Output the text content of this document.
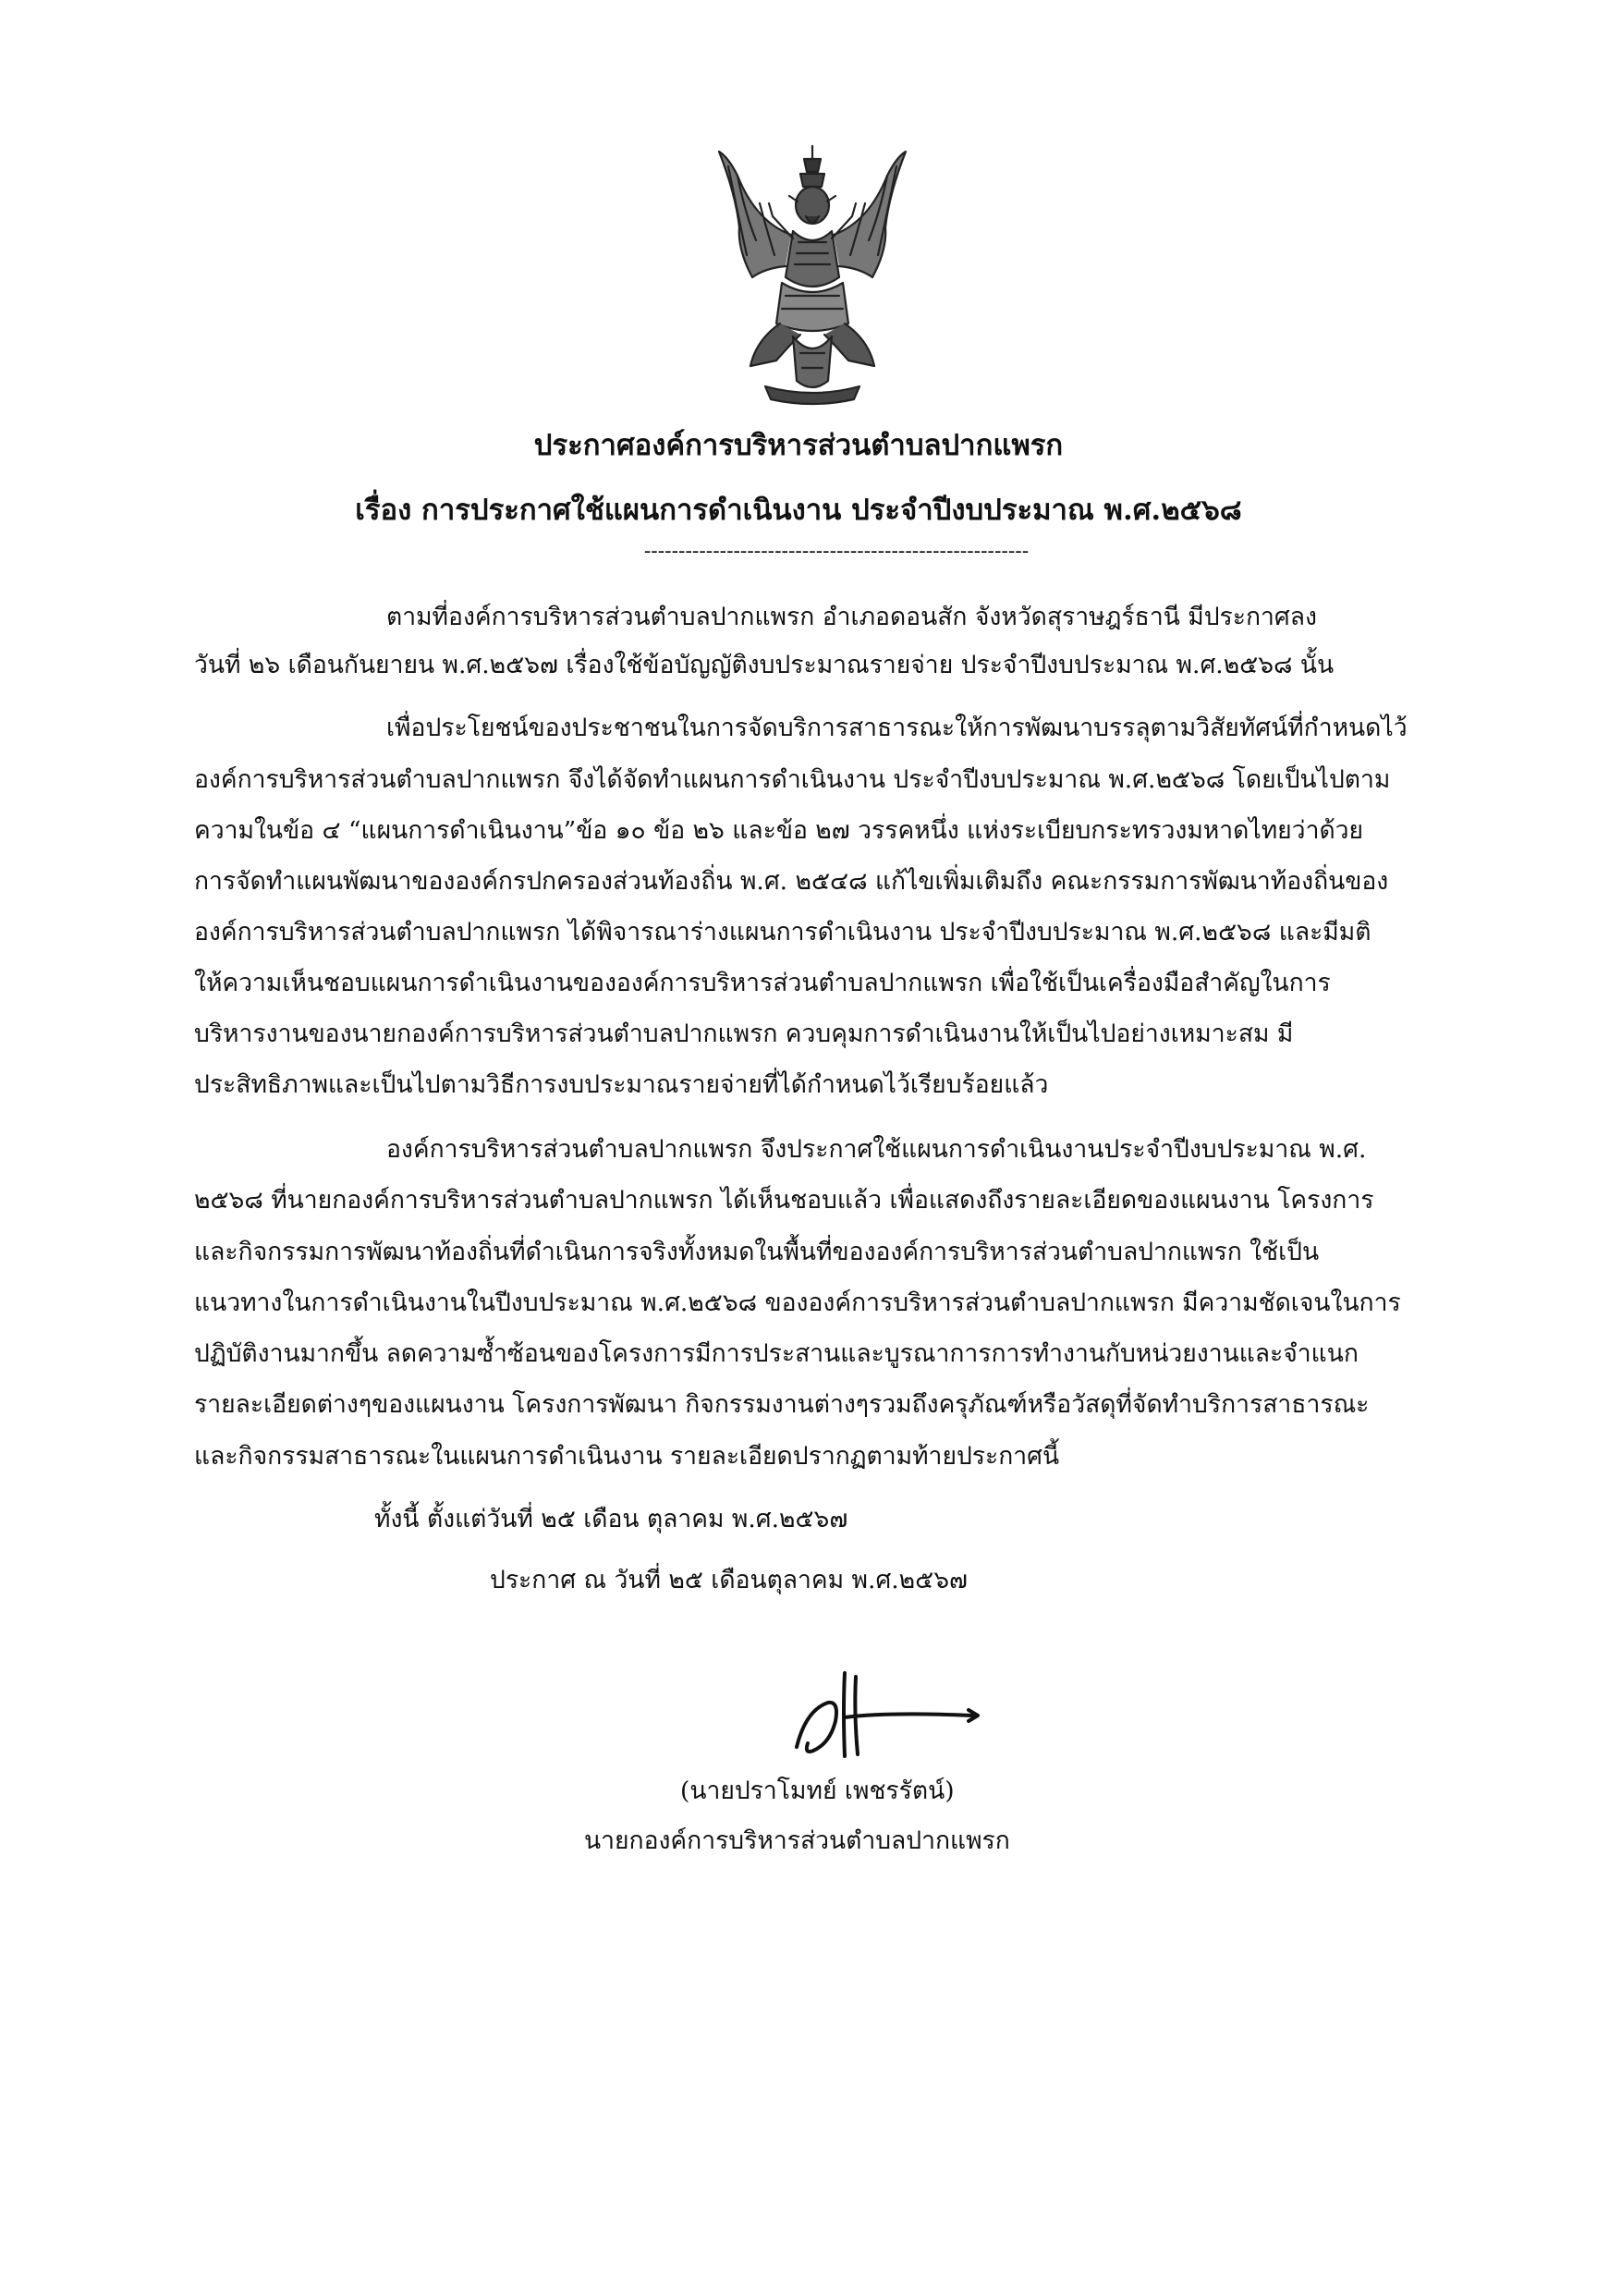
ประกาศองค์การบริหารส่วนตำบลปากแพรก
เรื่อง การประกาศใช้แผนการดำเนินงาน ประจำปีงบประมาณ พ.ศ.๒๕๖๘
--------------------------------------------------------
ตามที่องค์การบริหารส่วนตำบลปากแพรก อำเภอดอนสัก จังหวัดสุราษฎร์ธานี มีประกาศลง
วันที่ ๒๖ เดือนกันยายน พ.ศ.๒๕๖๗ เรื่องใช้ข้อบัญญัติงบประมาณรายจ่าย ประจำปีงบประมาณ พ.ศ.๒๕๖๘ นั้น
เพื่อประโยชน์ของประชาชนในการจัดบริการสาธารณะให้การพัฒนาบรรลุตามวิสัยทัศน์ที่กำหนดไว้
องค์การบริหารส่วนตำบลปากแพรก จึงได้จัดทำแผนการดำเนินงาน ประจำปีงบประมาณ พ.ศ.๒๕๖๘ โดยเป็นไปตาม
ความในข้อ ๔ “แผนการดำเนินงาน”ข้อ ๑๐ ข้อ ๒๖ และข้อ ๒๗ วรรคหนึ่ง แห่งระเบียบกระทรวงมหาดไทยว่าด้วย
การจัดทำแผนพัฒนาขององค์กรปกครองส่วนท้องถิ่น พ.ศ. ๒๕๔๘ แก้ไขเพิ่มเติมถึง คณะกรรมการพัฒนาท้องถิ่นของ
องค์การบริหารส่วนตำบลปากแพรก ได้พิจารณาร่างแผนการดำเนินงาน ประจำปีงบประมาณ พ.ศ.๒๕๖๘ และมีมติ
ให้ความเห็นชอบแผนการดำเนินงานขององค์การบริหารส่วนตำบลปากแพรก เพื่อใช้เป็นเครื่องมือสำคัญในการ
บริหารงานของนายกองค์การบริหารส่วนตำบลปากแพรก ควบคุมการดำเนินงานให้เป็นไปอย่างเหมาะสม มี
ประสิทธิภาพและเป็นไปตามวิธีการงบประมาณรายจ่ายที่ได้กำหนดไว้เรียบร้อยแล้ว
องค์การบริหารส่วนตำบลปากแพรก จึงประกาศใช้แผนการดำเนินงานประจำปีงบประมาณ พ.ศ.
๒๕๖๘ ที่นายกองค์การบริหารส่วนตำบลปากแพรก ได้เห็นชอบแล้ว เพื่อแสดงถึงรายละเอียดของแผนงาน โครงการ
และกิจกรรมการพัฒนาท้องถิ่นที่ดำเนินการจริงทั้งหมดในพื้นที่ขององค์การบริหารส่วนตำบลปากแพรก ใช้เป็น
แนวทางในการดำเนินงานในปีงบประมาณ พ.ศ.๒๕๖๘ ขององค์การบริหารส่วนตำบลปากแพรก มีความชัดเจนในการ
ปฏิบัติงานมากขึ้น ลดความซ้ำซ้อนของโครงการมีการประสานและบูรณาการการทำงานกับหน่วยงานและจำแนก
รายละเอียดต่างๆของแผนงาน โครงการพัฒนา กิจกรรมงานต่างๆรวมถึงครุภัณฑ์หรือวัสดุที่จัดทำบริการสาธารณะ
และกิจกรรมสาธารณะในแผนการดำเนินงาน รายละเอียดปรากฏตามท้ายประกาศนี้
ทั้งนี้ ตั้งแต่วันที่ ๒๕ เดือน ตุลาคม พ.ศ.๒๕๖๗
ประกาศ ณ วันที่ ๒๕ เดือนตุลาคม พ.ศ.๒๕๖๗
(นายปราโมทย์ เพชรรัตน์)
นายกองค์การบริหารส่วนตำบลปากแพรก
